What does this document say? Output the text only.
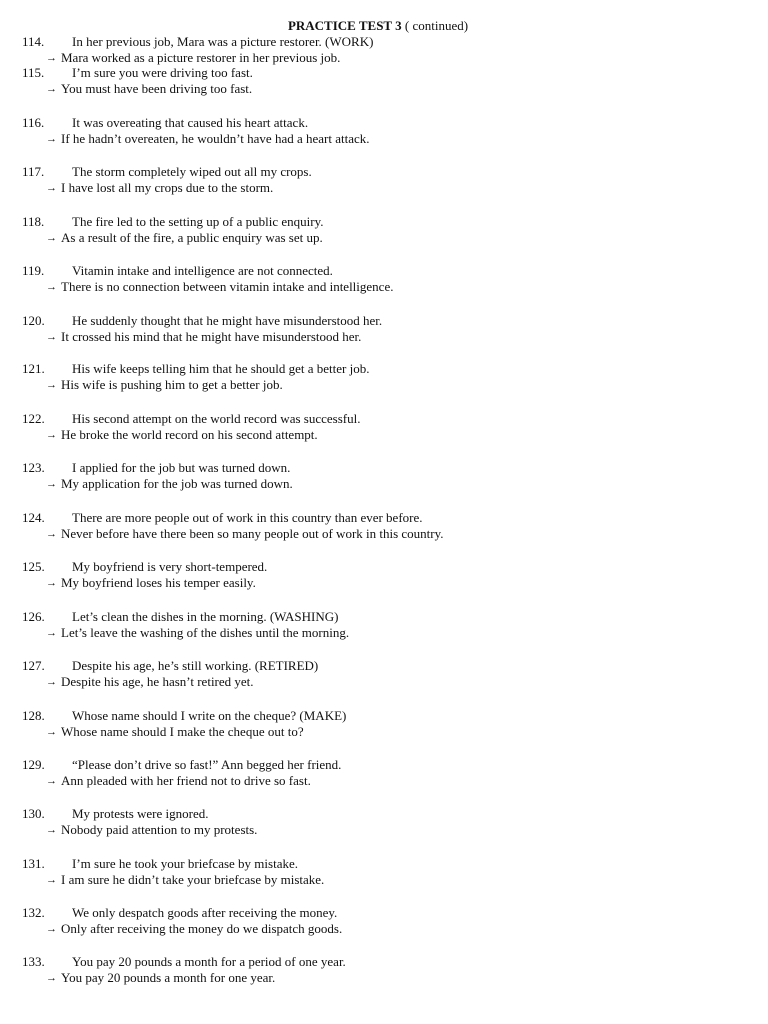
PRACTICE TEST 3 ( continued)
114. In her previous job, Mara was a picture restorer. (WORK)
→ Mara worked as a picture restorer in her previous job.
115. I’m sure you were driving too fast.
→ You must have been driving too fast.
116. It was overeating that caused his heart attack.
→ If he hadn’t overeaten, he wouldn’t have had a heart attack.
117. The storm completely wiped out all my crops.
→ I have lost all my crops due to the storm.
118. The fire led to the setting up of a public enquiry.
→ As a result of the fire, a public enquiry was set up.
119. Vitamin intake and intelligence are not connected.
→ There is no connection between vitamin intake and intelligence.
120. He suddenly thought that he might have misunderstood her.
→ It crossed his mind that he might have misunderstood her.
121. His wife keeps telling him that he should get a better job.
→ His wife is pushing him to get a better job.
122. His second attempt on the world record was successful.
→ He broke the world record on his second attempt.
123. I applied for the job but was turned down.
→ My application for the job was turned down.
124. There are more people out of work in this country than ever before.
→ Never before have there been so many people out of work in this country.
125. My boyfriend is very short-tempered.
→ My boyfriend loses his temper easily.
126. Let’s clean the dishes in the morning. (WASHING)
→ Let’s leave the washing of the dishes until the morning.
127. Despite his age, he’s still working. (RETIRED)
→ Despite his age, he hasn’t retired yet.
128. Whose name should I write on the cheque? (MAKE)
→ Whose name should I make the cheque out to?
129. “Please don’t drive so fast!” Ann begged her friend.
→ Ann pleaded with her friend not to drive so fast.
130. My protests were ignored.
→ Nobody paid attention to my protests.
131. I’m sure he took your briefcase by mistake.
→ I am sure he didn’t take your briefcase by mistake.
132. We only despatch goods after receiving the money.
→ Only after receiving the money do we dispatch goods.
133. You pay 20 pounds a month for a period of one year.
→ You pay 20 pounds a month for one year.
